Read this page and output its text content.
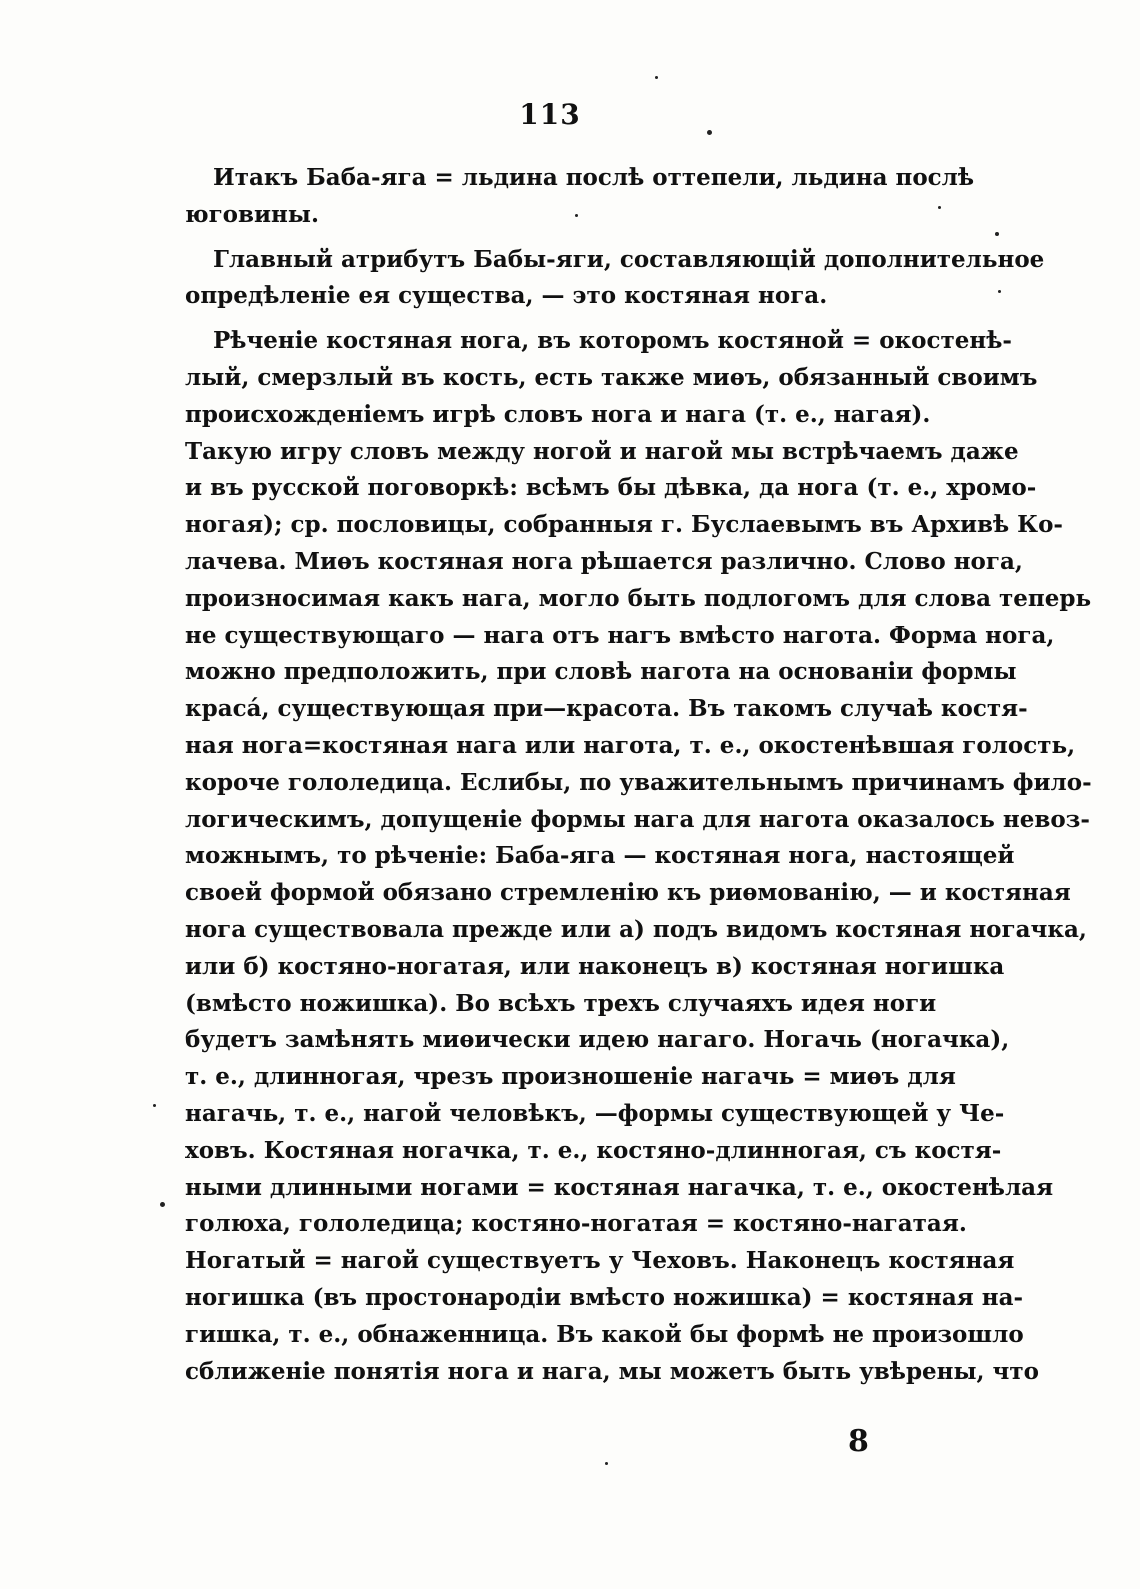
113
Итакъ Баба-яга = льдина послѣ оттепели, льдина послѣ
юговины.
Главный атрибутъ Бабы-яги, составляющій дополнительное
опредѣленіе ея существа, — это костяная нога.
Рѣченіе костяная нога, въ которомъ костяной = окостенѣ-
лый, смерзлый въ кость, есть также миѳъ, обязанный своимъ
происхожденіемъ игрѣ словъ нога и нага (т. е., нагая).
Такую игру словъ между ногой и нагой мы встрѣчаемъ даже
и въ русской поговоркѣ: всѣмъ бы дѣвка, да нога (т. е., хромо-
ногая); ср. пословицы, собранныя г. Буслаевымъ въ Архивѣ Ко-
лачева. Миѳъ костяная нога рѣшается различно. Слово нога,
произносимая какъ нага, могло быть подлогомъ для слова теперь
не существующаго — нага отъ нагъ вмѣсто нагота. Форма нога,
можно предположить, при словѣ нагота на основаніи формы
красá, существующая при—красота. Въ такомъ случаѣ костя-
ная нога=костяная нага или нагота, т. е., окостенѣвшая голость,
короче гололедица. Еслибы, по уважительнымъ причинамъ фило-
логическимъ, допущеніе формы нага для нагота оказалось невоз-
можнымъ, то рѣченіе: Баба-яга — костяная нога, настоящей
своей формой обязано стремленію къ риѳмованію, — и костяная
нога существовала прежде или а) подъ видомъ костяная ногачка,
или б) костяно-ногатая, или наконецъ в) костяная ногишка
(вмѣсто ножишка). Во всѣхъ трехъ случаяхъ идея ноги
будетъ замѣнять миѳически идею нагаго. Ногачь (ногачка),
т. е., длинногая, чрезъ произношеніе нагачь = миѳъ для
нагачь, т. е., нагой человѣкъ, —формы существующей у Че-
ховъ. Костяная ногачка, т. е., костяно-длинногая, съ костя-
ными длинными ногами = костяная нагачка, т. е., окостенѣлая
голюха, гололедица; костяно-ногатая = костяно-нагатая.
Ногатый = нагой существуетъ у Чеховъ. Наконецъ костяная
ногишка (въ простонародіи вмѣсто ножишка) = костяная на-
гишка, т. е., обнаженница. Въ какой бы формѣ не произошло
сближеніе понятія нога и нага, мы можетъ быть увѣрены, что
8
